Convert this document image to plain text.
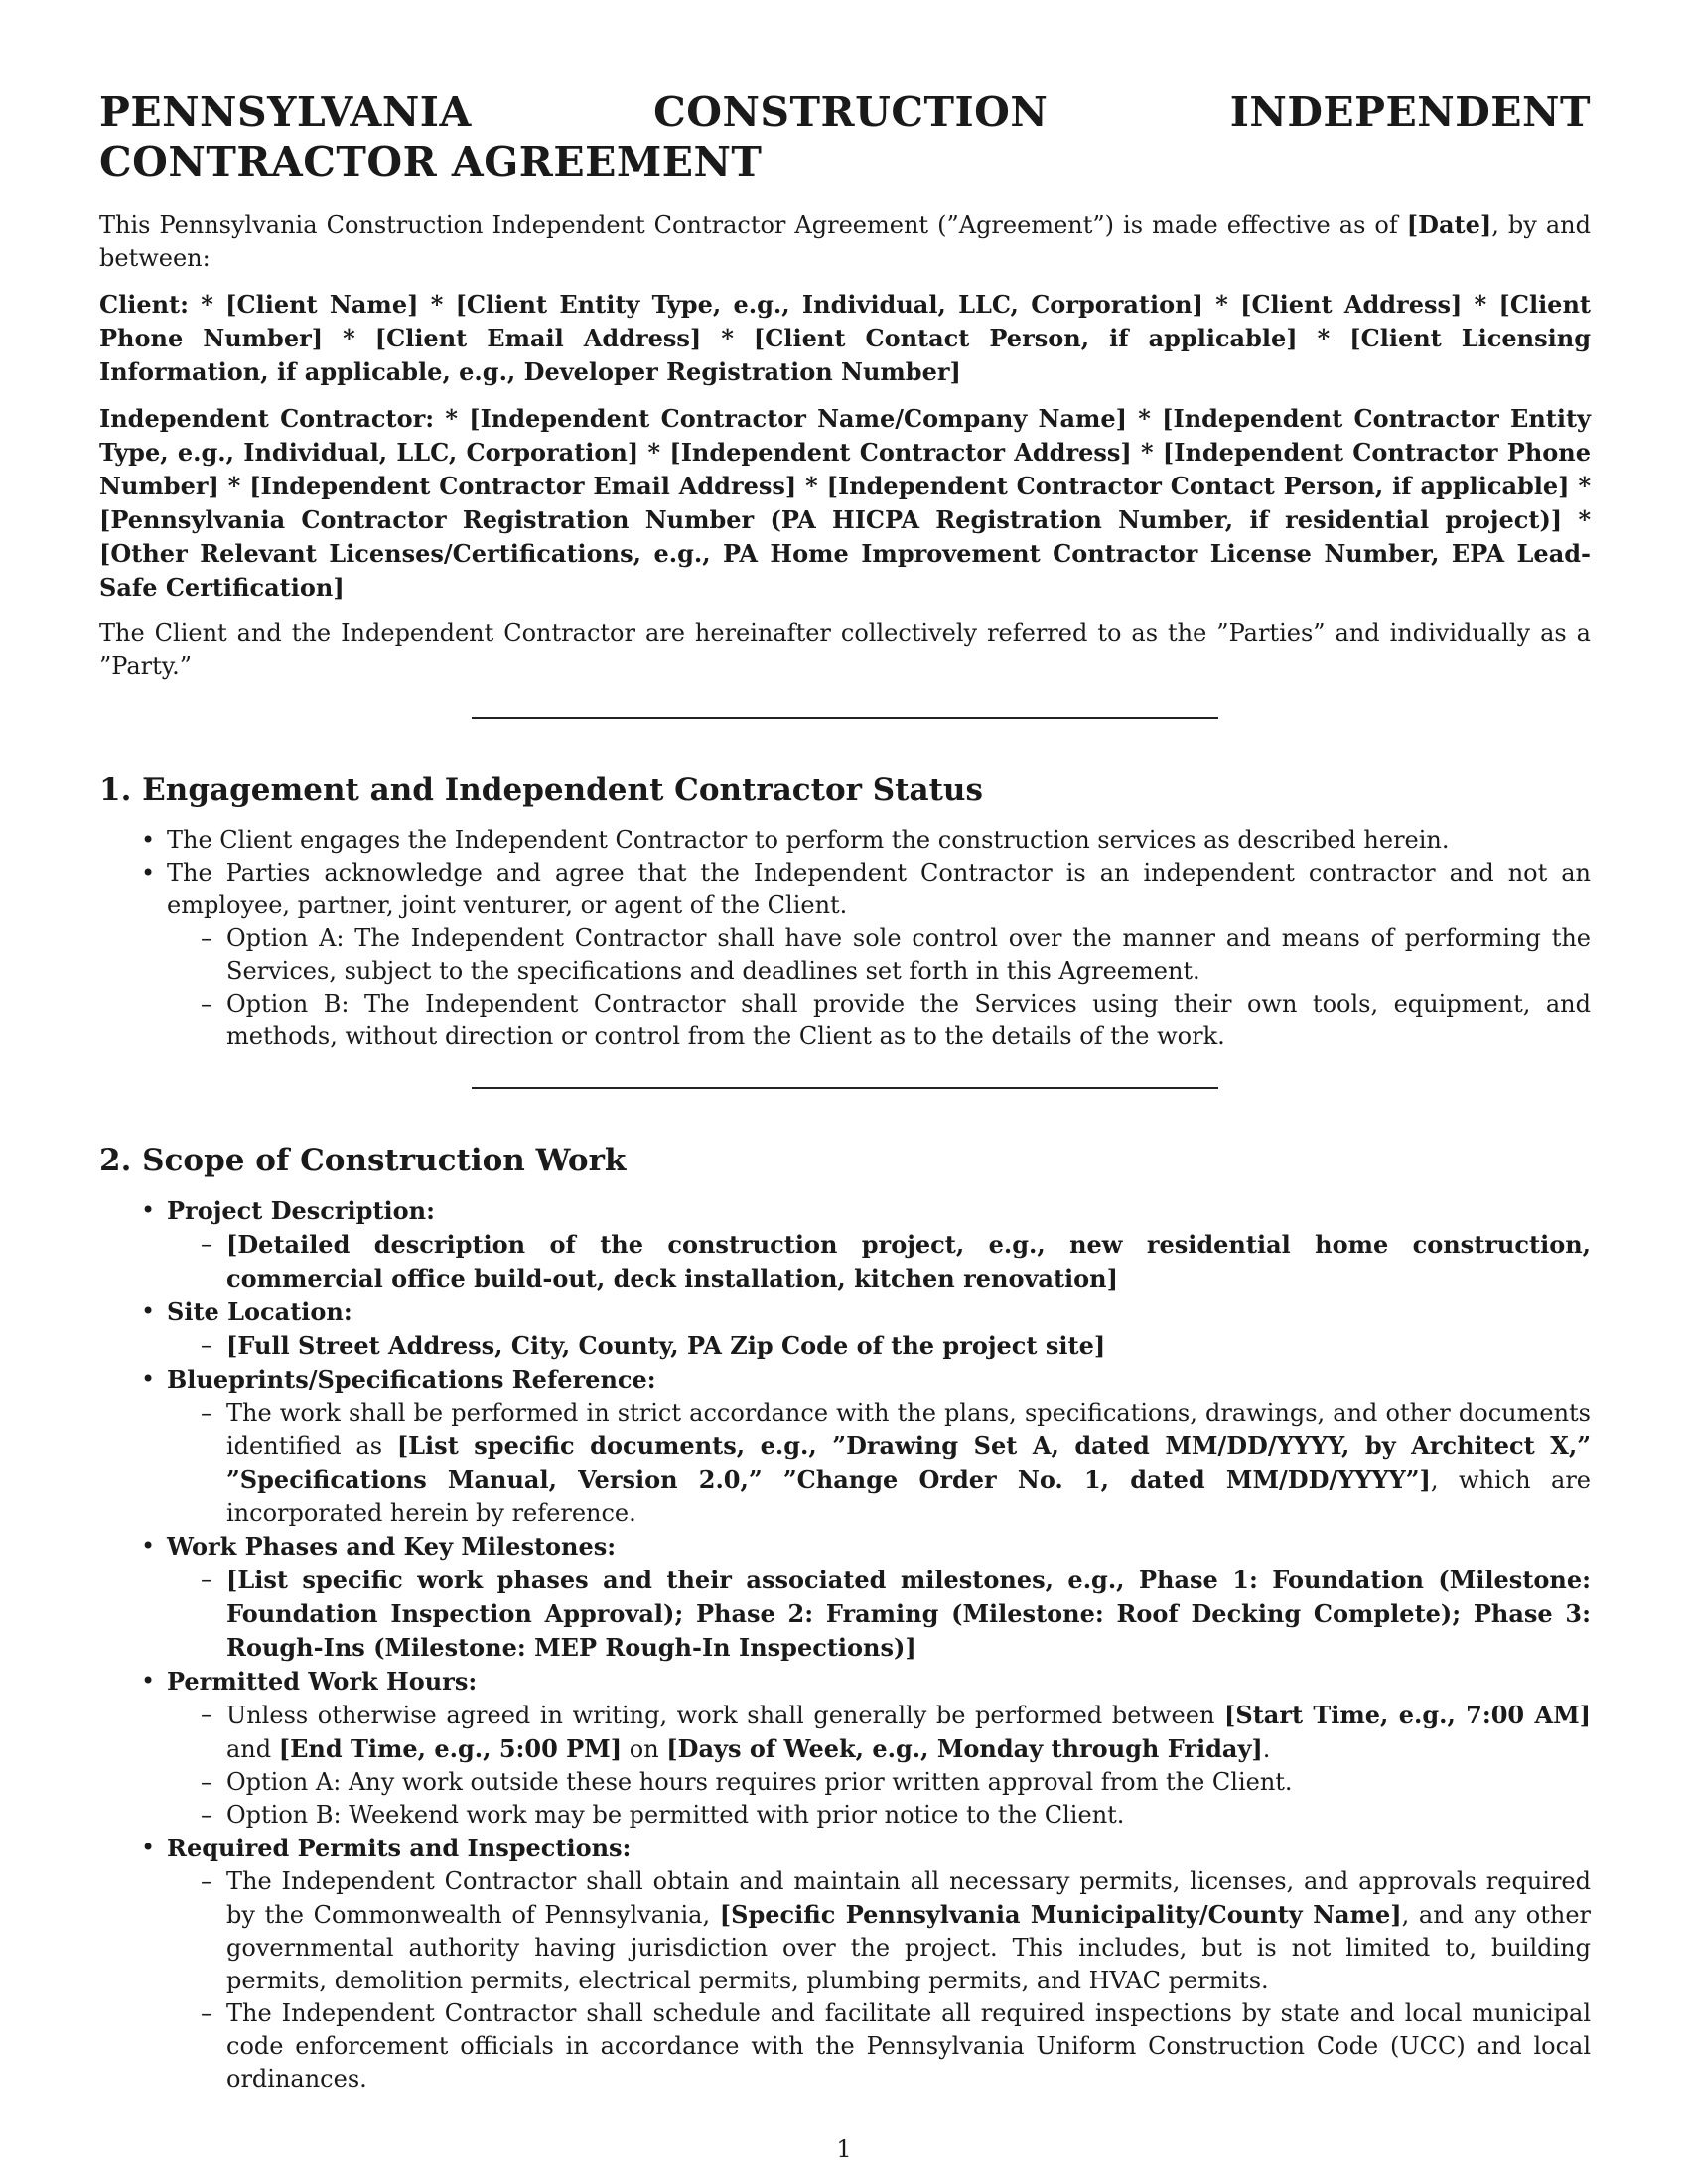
PENNSYLVANIA CONSTRUCTION INDEPENDENT CONTRACTOR AGREEMENT

This Pennsylvania Construction Independent Contractor Agreement (”Agreement”) is made effective as of [Date], by and between:

Client: * [Client Name] * [Client Entity Type, e.g., Individual, LLC, Corporation] * [Client Address] * [Client Phone Number] * [Client Email Address] * [Client Contact Person, if applicable] * [Client Licensing Information, if applicable, e.g., Developer Registration Number]

Independent Contractor: * [Independent Contractor Name/Company Name] * [Independent Contractor Entity Type, e.g., Individual, LLC, Corporation] * [Independent Contractor Address] * [Independent Contractor Phone Number] * [Independent Contractor Email Address] * [Independent Contractor Contact Person, if applicable] * [Pennsylvania Contractor Registration Number (PA HICPA Registration Number, if residential project)] * [Other Relevant Licenses/Certifications, e.g., PA Home Improvement Contractor License Number, EPA Lead-Safe Certification]

The Client and the Independent Contractor are hereinafter collectively referred to as the ”Parties” and individually as a ”Party.”

1. Engagement and Independent Contractor Status
• The Client engages the Independent Contractor to perform the construction services as described herein.
• The Parties acknowledge and agree that the Independent Contractor is an independent contractor and not an employee, partner, joint venturer, or agent of the Client.
– Option A: The Independent Contractor shall have sole control over the manner and means of performing the Services, subject to the specifications and deadlines set forth in this Agreement.
– Option B: The Independent Contractor shall provide the Services using their own tools, equipment, and methods, without direction or control from the Client as to the details of the work.
2. Scope of Construction Work
• Project Description:
– [Detailed description of the construction project, e.g., new residential home construction, commercial office build-out, deck installation, kitchen renovation]
• Site Location:
– [Full Street Address, City, County, PA Zip Code of the project site]
• Blueprints/Specifications Reference:
– The work shall be performed in strict accordance with the plans, specifications, drawings, and other documents identified as [List specific documents, e.g., ”Drawing Set A, dated MM/DD/YYYY, by Architect X,” ”Specifications Manual, Version 2.0,” ”Change Order No. 1, dated MM/DD/YYYY”], which are incorporated herein by reference.
• Work Phases and Key Milestones:
– [List specific work phases and their associated milestones, e.g., Phase 1: Foundation (Milestone: Foundation Inspection Approval); Phase 2: Framing (Milestone: Roof Decking Complete); Phase 3: Rough-Ins (Milestone: MEP Rough-In Inspections)]
• Permitted Work Hours:
– Unless otherwise agreed in writing, work shall generally be performed between [Start Time, e.g., 7:00 AM] and [End Time, e.g., 5:00 PM] on [Days of Week, e.g., Monday through Friday].
– Option A: Any work outside these hours requires prior written approval from the Client.
– Option B: Weekend work may be permitted with prior notice to the Client.
• Required Permits and Inspections:
– The Independent Contractor shall obtain and maintain all necessary permits, licenses, and approvals required by the Commonwealth of Pennsylvania, [Specific Pennsylvania Municipality/County Name], and any other governmental authority having jurisdiction over the project. This includes, but is not limited to, building permits, demolition permits, electrical permits, plumbing permits, and HVAC permits.
– The Independent Contractor shall schedule and facilitate all required inspections by state and local municipal code enforcement officials in accordance with the Pennsylvania Uniform Construction Code (UCC) and local ordinances.
1
